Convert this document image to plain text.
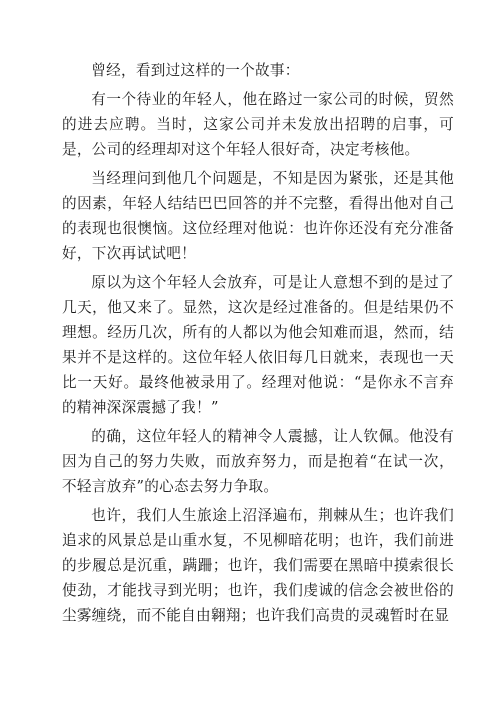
曾经，看到过这样的一个故事：

有一个待业的年轻人，他在路过一家公司的时候，贸然的进去应聘。当时，这家公司并未发放出招聘的启事，可是，公司的经理却对这个年轻人很好奇，决定考核他。

当经理问到他几个问题是，不知是因为紧张，还是其他的因素，年轻人结结巴巴回答的并不完整，看得出他对自己的表现也很懊恼。这位经理对他说：也许你还没有充分准备好，下次再试试吧！

原以为这个年轻人会放弃，可是让人意想不到的是过了几天，他又来了。显然，这次是经过准备的。但是结果仍不理想。经历几次，所有的人都以为他会知难而退，然而，结果并不是这样的。这位年轻人依旧每几日就来，表现也一天比一天好。最终他被录用了。经理对他说：“是你永不言弃的精神深深震撼了我！”

的确，这位年轻人的精神令人震撼，让人钦佩。他没有因为自己的努力失败，而放弃努力，而是抱着“在试一次，不轻言放弃”的心态去努力争取。

也许，我们人生旅途上沼泽遍布，荆棘从生；也许我们追求的风景总是山重水复，不见柳暗花明；也许，我们前进的步履总是沉重，蹒跚；也许，我们需要在黑暗中摸索很长使劲，才能找寻到光明；也许，我们虔诚的信念会被世俗的尘雾缠绕，而不能自由翱翔；也许我们高贵的灵魂暂时在显
